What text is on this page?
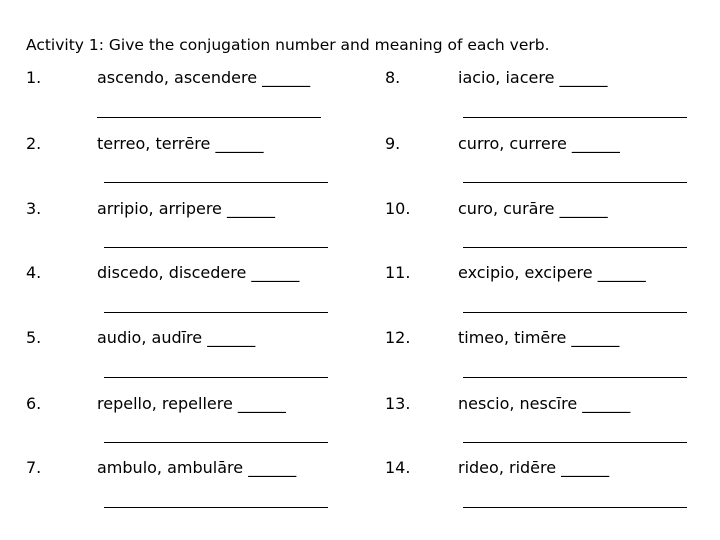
Activity 1: Give the conjugation number and meaning of each verb.
1.	ascendo, ascendere ______
2.	terreo, terrēre ______
3.	arripio, arripere ______
4.	discedo, discedere ______
5.	audio, audīre ______
6.	repello, repellere ______
7.	ambulo, ambulāre ______
8.	iacio, iacere ______
9.	curro, currere ______
10.	curo, curāre ______
11.	excipio, excipere ______
12.	timeo, timēre ______
13.	nescio, nescīre ______
14.	rideo, ridēre ______
